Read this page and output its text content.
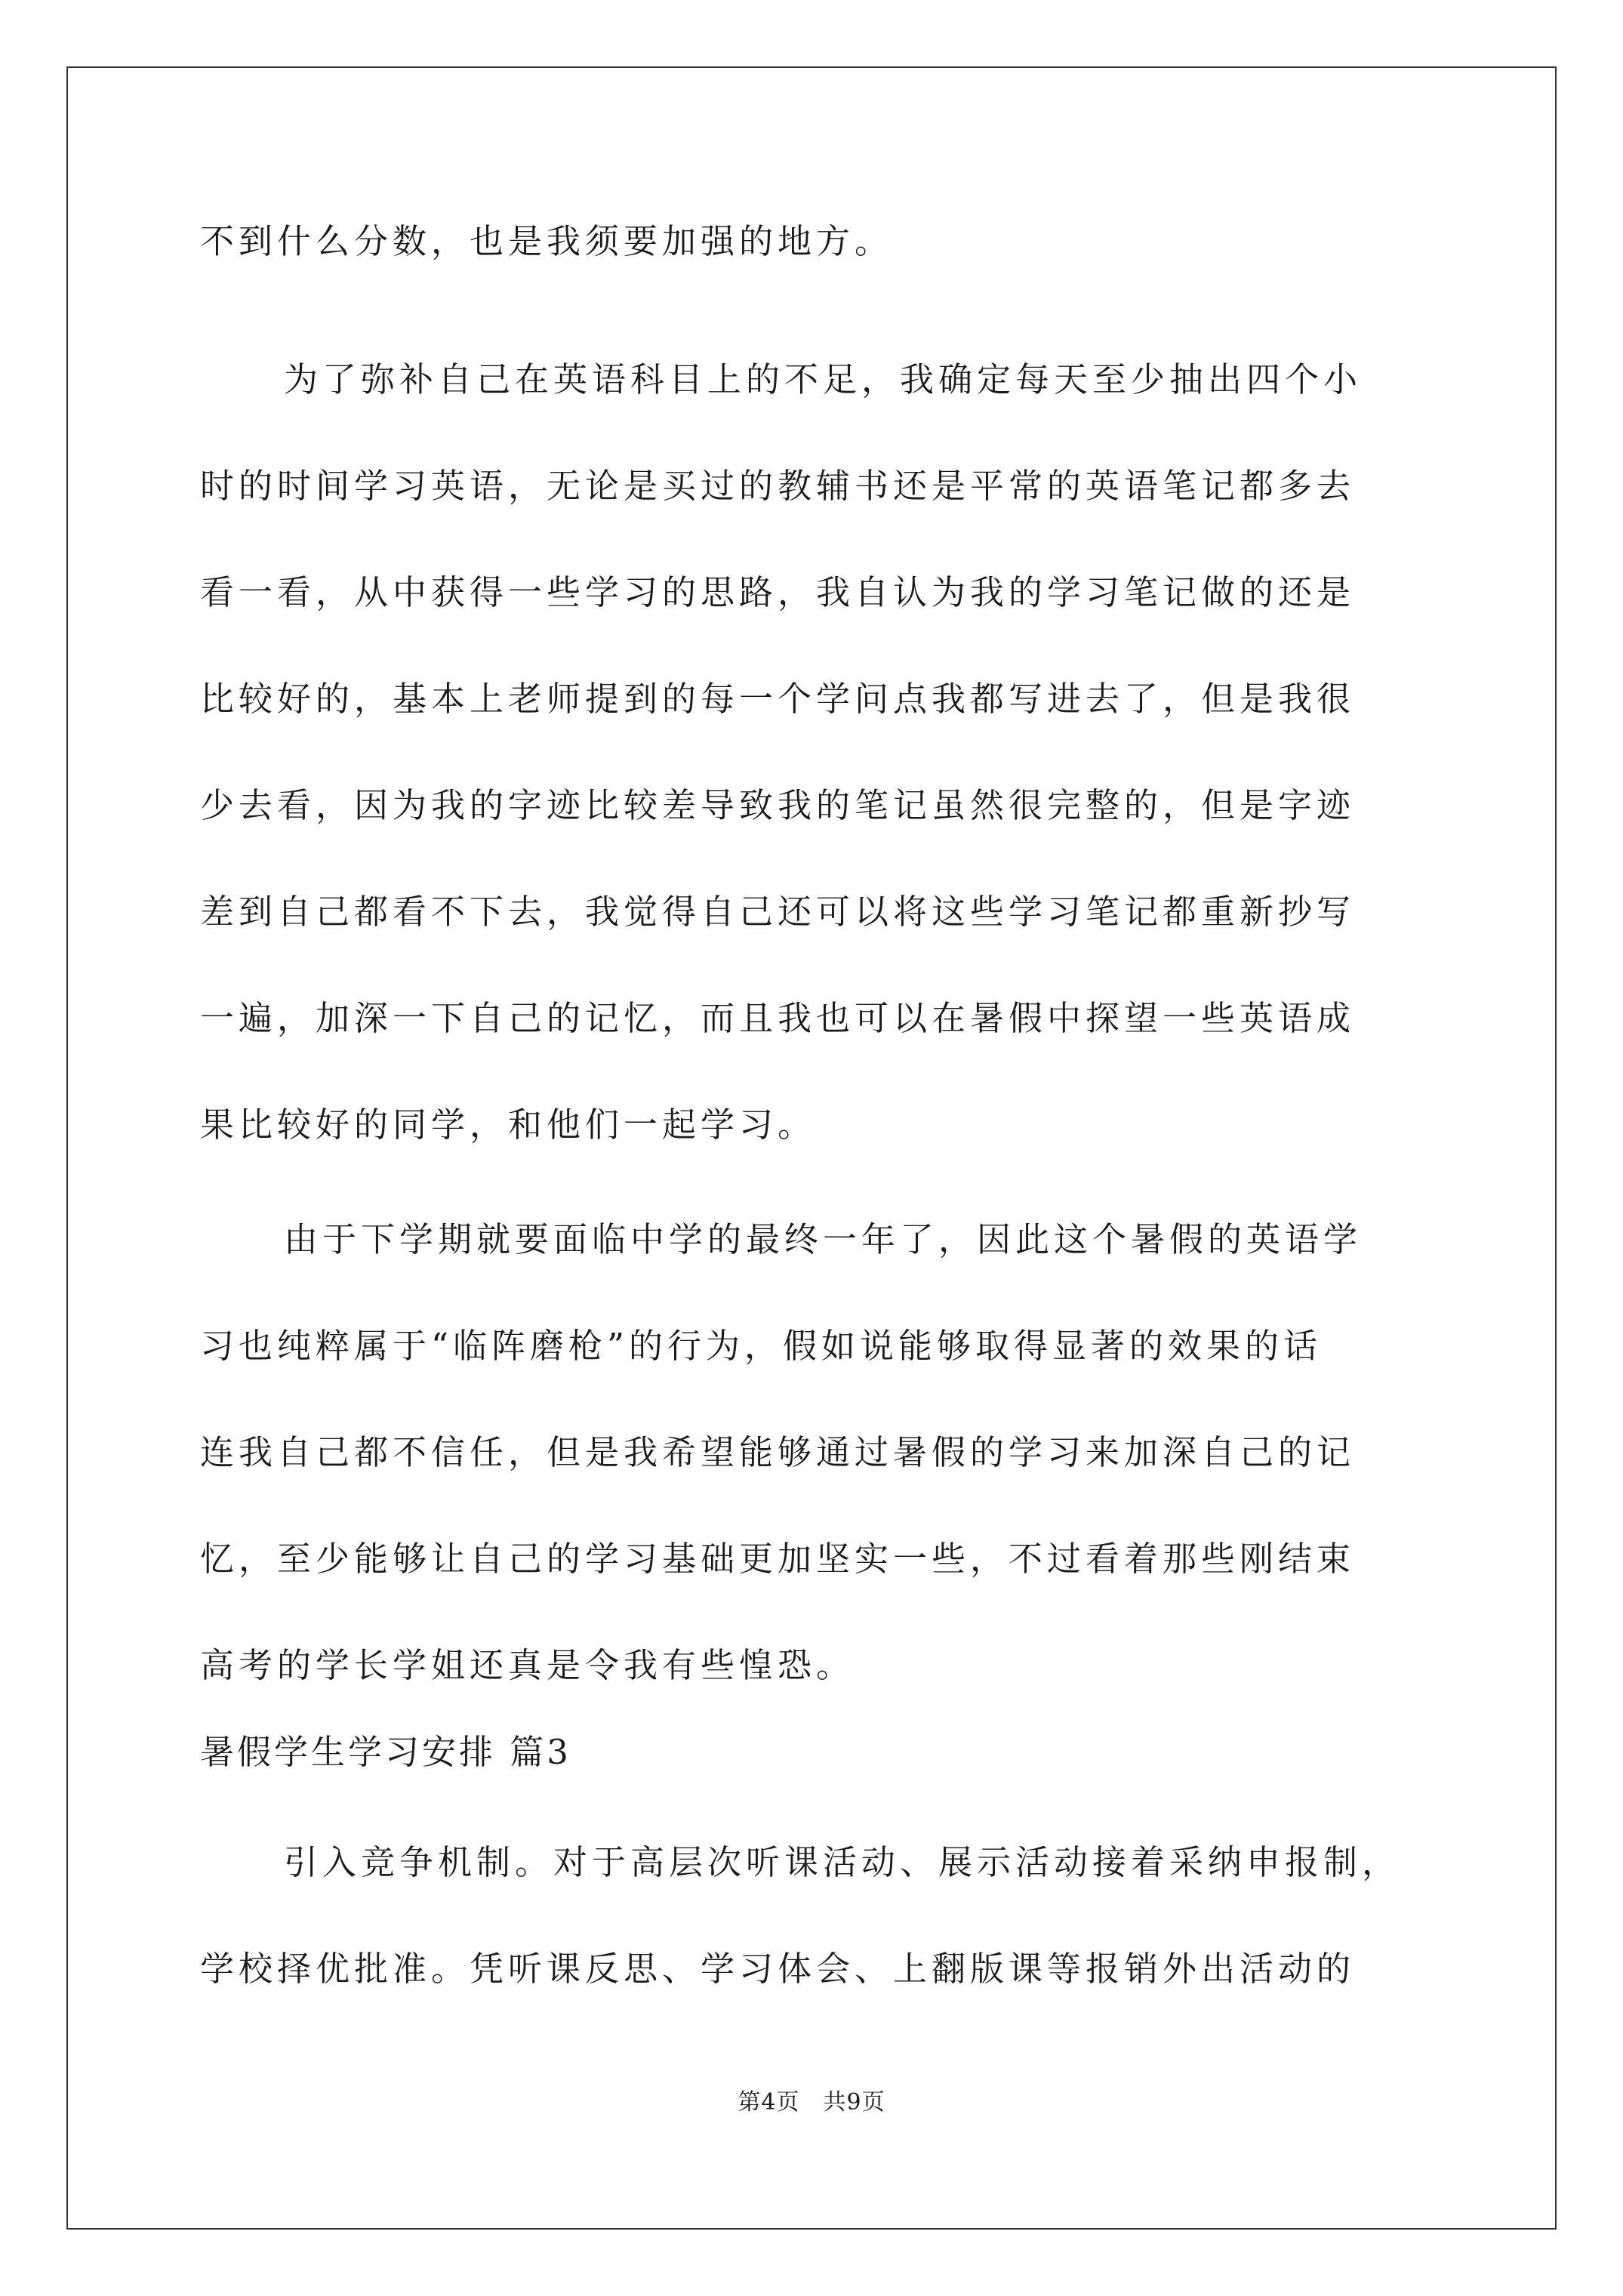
不到什么分数，也是我须要加强的地方。
为了弥补自己在英语科目上的不足，我确定每天至少抽出四个小
时的时间学习英语，无论是买过的教辅书还是平常的英语笔记都多去
看一看，从中获得一些学习的思路，我自认为我的学习笔记做的还是
比较好的，基本上老师提到的每一个学问点我都写进去了，但是我很
少去看，因为我的字迹比较差导致我的笔记虽然很完整的，但是字迹
差到自己都看不下去，我觉得自己还可以将这些学习笔记都重新抄写
一遍，加深一下自己的记忆，而且我也可以在暑假中探望一些英语成
果比较好的同学，和他们一起学习。
由于下学期就要面临中学的最终一年了，因此这个暑假的英语学
习也纯粹属于“临阵磨枪”的行为，假如说能够取得显著的效果的话
连我自己都不信任，但是我希望能够通过暑假的学习来加深自己的记
忆，至少能够让自己的学习基础更加坚实一些，不过看着那些刚结束
高考的学长学姐还真是令我有些惶恐。
暑假学生学习安排 篇3
引入竞争机制。对于高层次听课活动、展示活动接着采纳申报制，
学校择优批准。凭听课反思、学习体会、上翻版课等报销外出活动的
第4页　共9页
